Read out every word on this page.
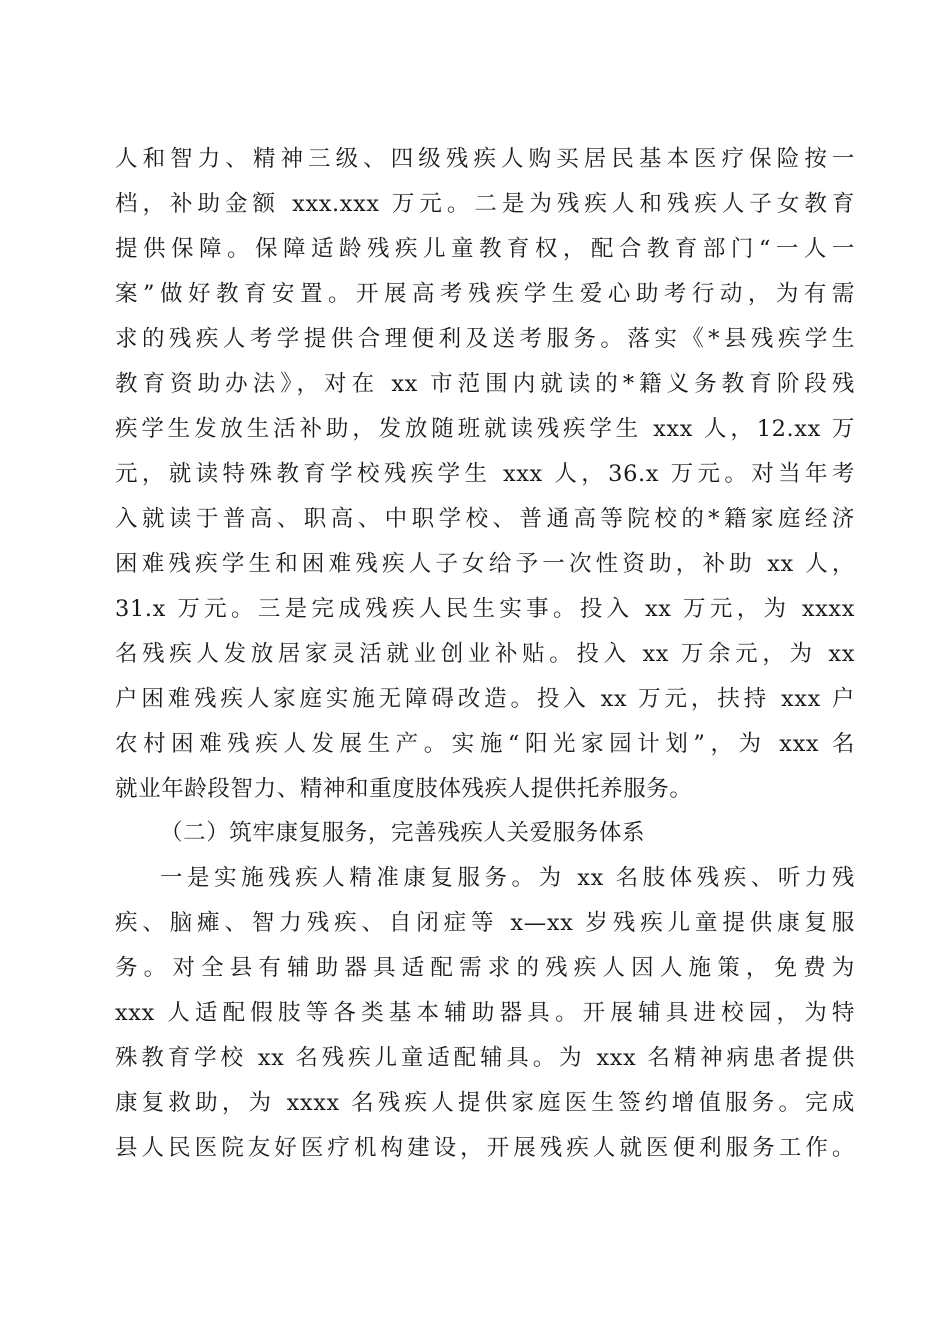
人和智力、精神三级、四级残疾人购买居民基本医疗保险按一
档，补助金额 xxx.xxx 万元。二是为残疾人和残疾人子女教育
提供保障。保障适龄残疾儿童教育权，配合教育部门“一人一
案”做好教育安置。开展高考残疾学生爱心助考行动，为有需
求的残疾人考学提供合理便利及送考服务。落实《*县残疾学生
教育资助办法》，对在 xx 市范围内就读的*籍义务教育阶段残
疾学生发放生活补助，发放随班就读残疾学生 xxx 人，12.xx 万
元，就读特殊教育学校残疾学生 xxx 人，36.x 万元。对当年考
入就读于普高、职高、中职学校、普通高等院校的*籍家庭经济
困难残疾学生和困难残疾人子女给予一次性资助，补助 xx 人，
31.x 万元。三是完成残疾人民生实事。投入 xx 万元，为 xxxx
名残疾人发放居家灵活就业创业补贴。投入 xx 万余元，为 xx
户困难残疾人家庭实施无障碍改造。投入 xx 万元，扶持 xxx 户
农村困难残疾人发展生产。实施“阳光家园计划”，为 xxx 名
就业年龄段智力、精神和重度肢体残疾人提供托养服务。
（二）筑牢康复服务，完善残疾人关爱服务体系
一是实施残疾人精准康复服务。为 xx 名肢体残疾、听力残
疾、脑瘫、智力残疾、自闭症等 x—xx 岁残疾儿童提供康复服
务。对全县有辅助器具适配需求的残疾人因人施策，免费为
xxx 人适配假肢等各类基本辅助器具。开展辅具进校园，为特
殊教育学校 xx 名残疾儿童适配辅具。为 xxx 名精神病患者提供
康复救助，为 xxxx 名残疾人提供家庭医生签约增值服务。完成
县人民医院友好医疗机构建设，开展残疾人就医便利服务工作。
